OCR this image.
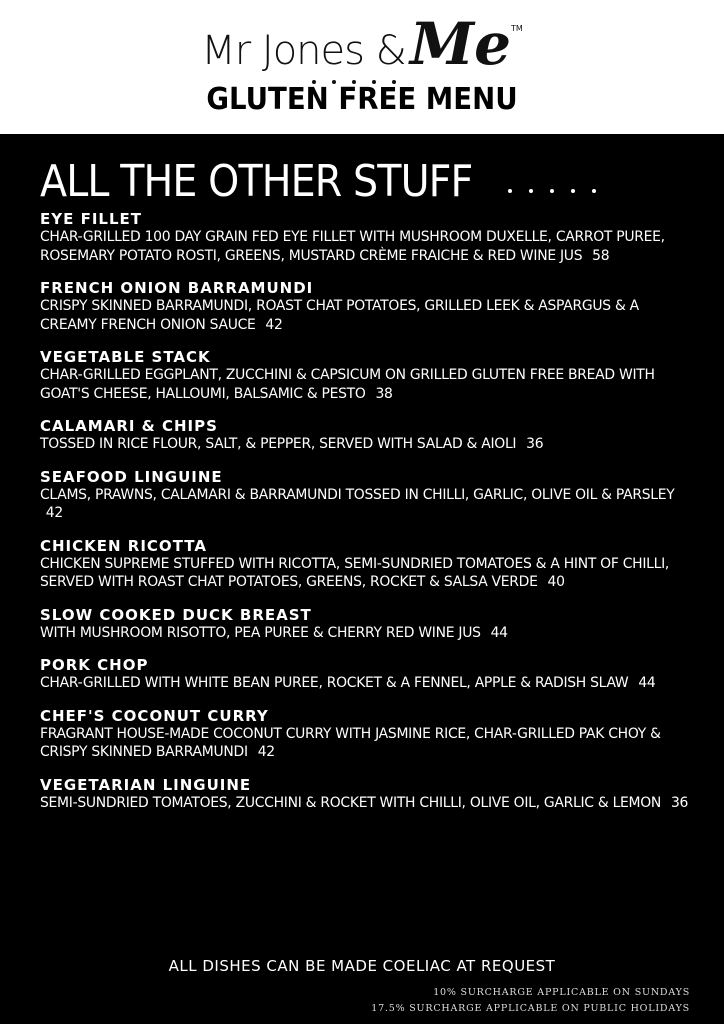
Mr Jones &MeTM
GLUTEN FREE MENU
ALL THE OTHER STUFF
EYE FILLET
CHAR-GRILLED 100 DAY GRAIN FED EYE FILLET WITH MUSHROOM DUXELLE, CARROT PUREE, ROSEMARY POTATO ROSTI, GREENS, MUSTARD CRÈME FRAICHE & RED WINE JUS 58
FRENCH ONION BARRAMUNDI
CRISPY SKINNED BARRAMUNDI, ROAST CHAT POTATOES, GRILLED LEEK & ASPARGUS & A CREAMY FRENCH ONION SAUCE 42
VEGETABLE STACK
CHAR-GRILLED EGGPLANT, ZUCCHINI & CAPSICUM ON GRILLED GLUTEN FREE BREAD WITH GOAT'S CHEESE, HALLOUMI, BALSAMIC & PESTO 38
CALAMARI & CHIPS
TOSSED IN RICE FLOUR, SALT, & PEPPER, SERVED WITH SALAD & AIOLI 36
SEAFOOD LINGUINE
CLAMS, PRAWNS, CALAMARI & BARRAMUNDI TOSSED IN CHILLI, GARLIC, OLIVE OIL & PARSLEY 42
CHICKEN RICOTTA
CHICKEN SUPREME STUFFED WITH RICOTTA, SEMI-SUNDRIED TOMATOES & A HINT OF CHILLI, SERVED WITH ROAST CHAT POTATOES, GREENS, ROCKET & SALSA VERDE 40
SLOW COOKED DUCK BREAST
WITH MUSHROOM RISOTTO, PEA PUREE & CHERRY RED WINE JUS 44
PORK CHOP
CHAR-GRILLED WITH WHITE BEAN PUREE, ROCKET & A FENNEL, APPLE & RADISH SLAW 44
CHEF'S COCONUT CURRY
FRAGRANT HOUSE-MADE COCONUT CURRY WITH JASMINE RICE, CHAR-GRILLED PAK CHOY & CRISPY SKINNED BARRAMUNDI 42
VEGETARIAN LINGUINE
SEMI-SUNDRIED TOMATOES, ZUCCHINI & ROCKET WITH CHILLI, OLIVE OIL, GARLIC & LEMON 36
ALL DISHES CAN BE MADE COELIAC AT REQUEST
10% SURCHARGE APPLICABLE ON SUNDAYS
17.5% SURCHARGE APPLICABLE ON PUBLIC HOLIDAYS
